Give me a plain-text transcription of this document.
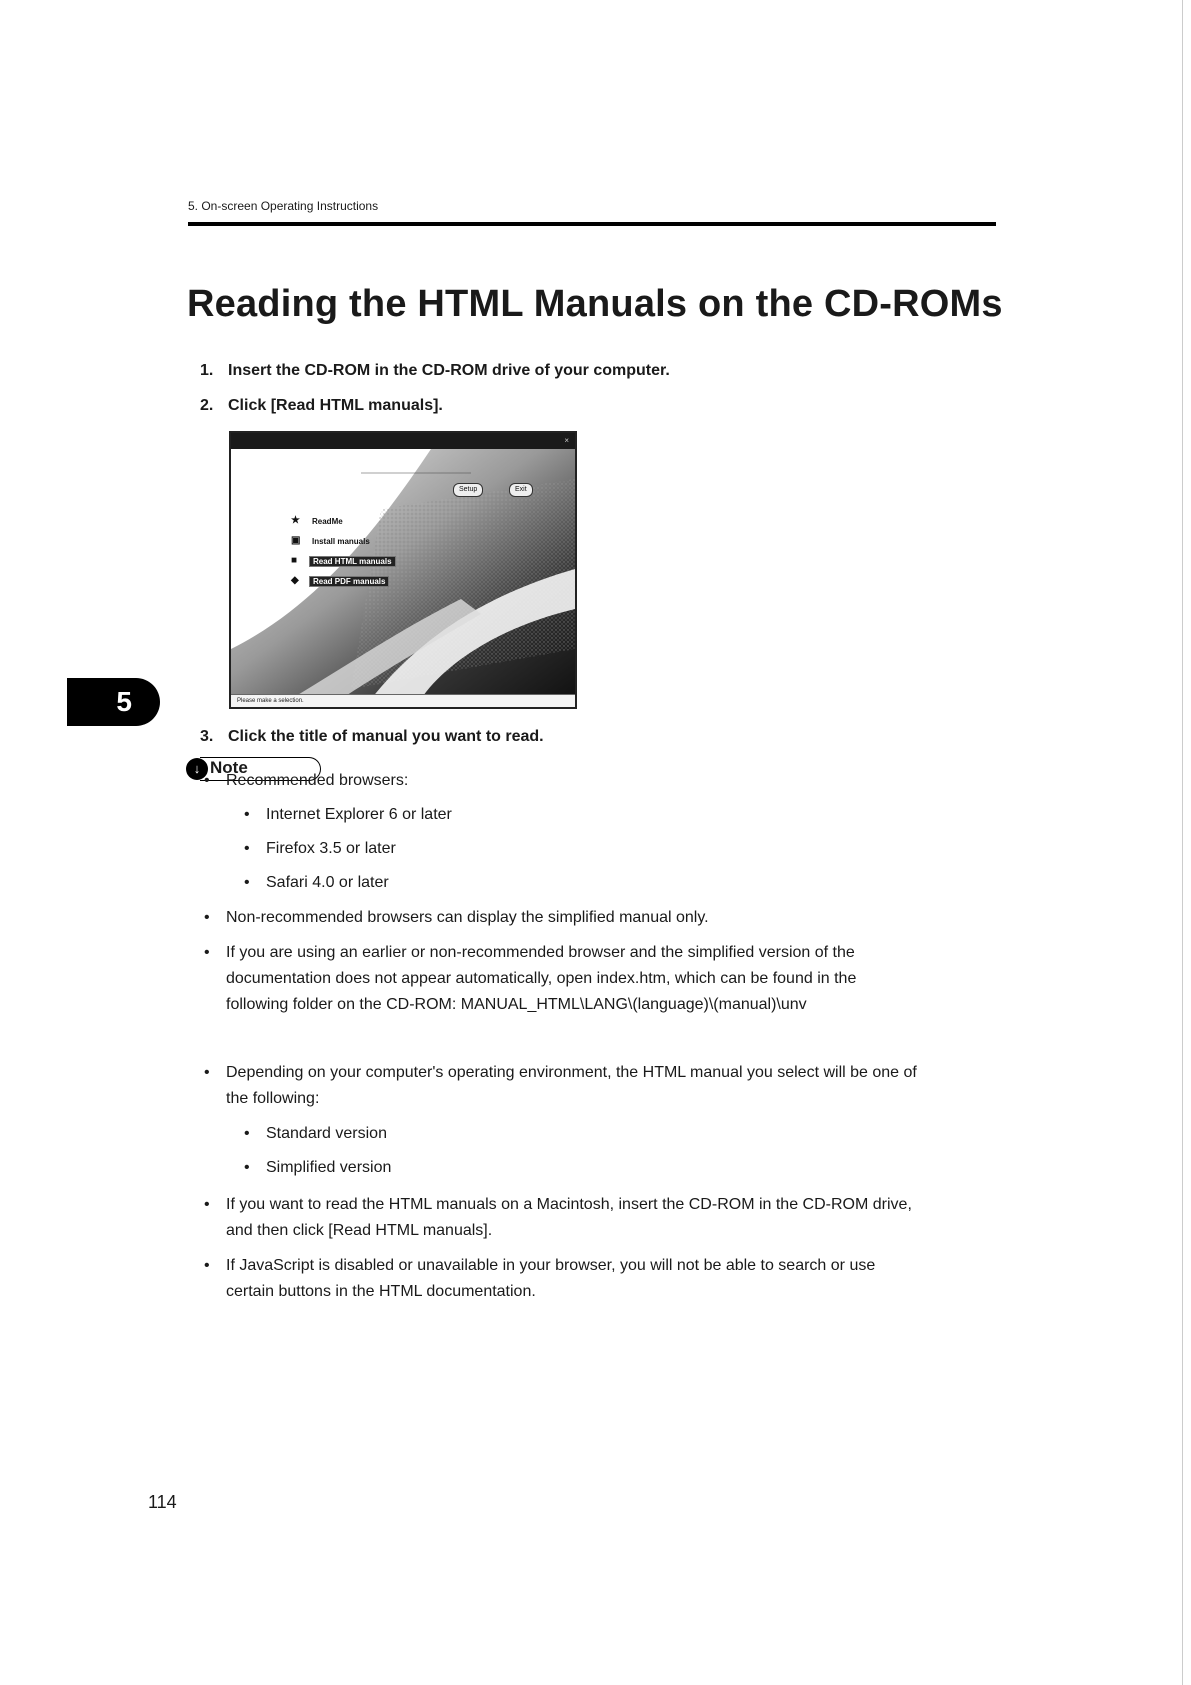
5. On-screen Operating Instructions
Reading the HTML Manuals on the CD-ROMs
1. Insert the CD-ROM in the CD-ROM drive of your computer.
2. Click [Read HTML manuals].
×
Setup	Exit
★	ReadMe
▣	Install manuals
■	Read HTML manuals
◆	Read PDF manuals
Please make a selection.
5
3. Click the title of manual you want to read.
↓ Note
•	Recommended browsers:
•	Internet Explorer 6 or later
•	Firefox 3.5 or later
•	Safari 4.0 or later
•	Non-recommended browsers can display the simplified manual only.
•	If you are using an earlier or non-recommended browser and the simplified version of the
documentation does not appear automatically, open index.htm, which can be found in the
following folder on the CD-ROM: MANUAL_HTML\LANG\(language)\(manual)\unv
•	Depending on your computer's operating environment, the HTML manual you select will be one of
the following:
•	Standard version
•	Simplified version
•	If you want to read the HTML manuals on a Macintosh, insert the CD-ROM in the CD-ROM drive,
and then click [Read HTML manuals].
•	If JavaScript is disabled or unavailable in your browser, you will not be able to search or use
certain buttons in the HTML documentation.
114
